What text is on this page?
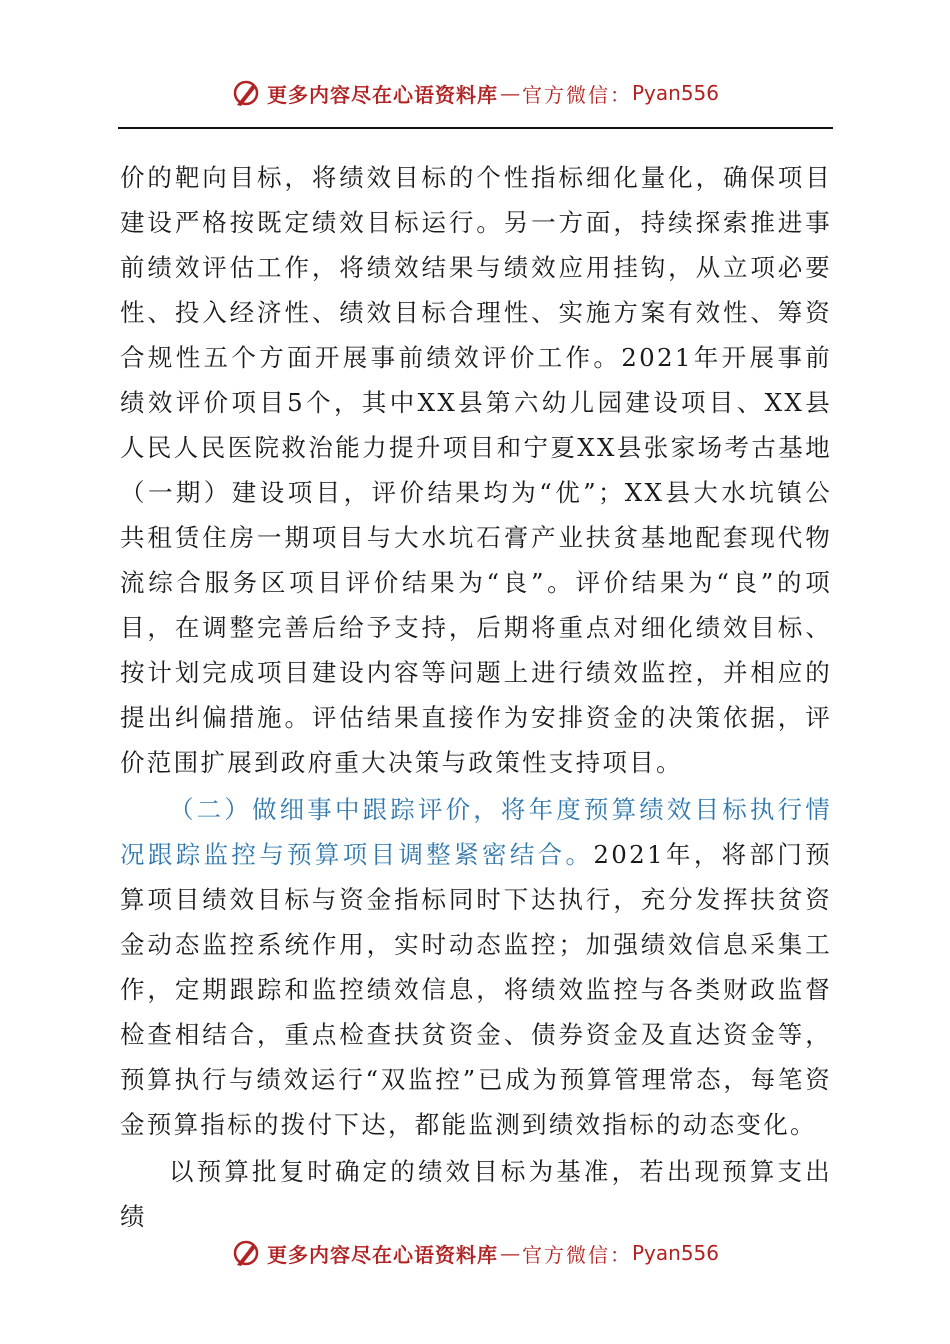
更多内容尽在心语资料库 — 官方微信： Pyan556

价的靶向目标，将绩效目标的个性指标细化量化，确保项目建设严格按既定绩效目标运行。另一方面，持续探索推进事前绩效评估工作，将绩效结果与绩效应用挂钩，从立项必要性、投入经济性、绩效目标合理性、实施方案有效性、筹资合规性五个方面开展事前绩效评价工作。2021年开展事前绩效评价项目5个，其中XX县第六幼儿园建设项目、XX县人民人民医院救治能力提升项目和宁夏XX县张家场考古基地（一期）建设项目，评价结果均为“优”；XX县大水坑镇公共租赁住房一期项目与大水坑石膏产业扶贫基地配套现代物流综合服务区项目评价结果为“良”。评价结果为“良”的项目，在调整完善后给予支持，后期将重点对细化绩效目标、按计划完成项目建设内容等问题上进行绩效监控，并相应的提出纠偏措施。评估结果直接作为安排资金的决策依据，评价范围扩展到政府重大决策与政策性支持项目。

（二）做细事中跟踪评价，将年度预算绩效目标执行情况跟踪监控与预算项目调整紧密结合。2021年，将部门预算项目绩效目标与资金指标同时下达执行，充分发挥扶贫资金动态监控系统作用，实时动态监控；加强绩效信息采集工作，定期跟踪和监控绩效信息，将绩效监控与各类财政监督检查相结合，重点检查扶贫资金、债券资金及直达资金等，预算执行与绩效运行“双监控”已成为预算管理常态，每笔资金预算指标的拨付下达，都能监测到绩效指标的动态变化。

以预算批复时确定的绩效目标为基准，若出现预算支出绩

更多内容尽在心语资料库 — 官方微信： Pyan556
